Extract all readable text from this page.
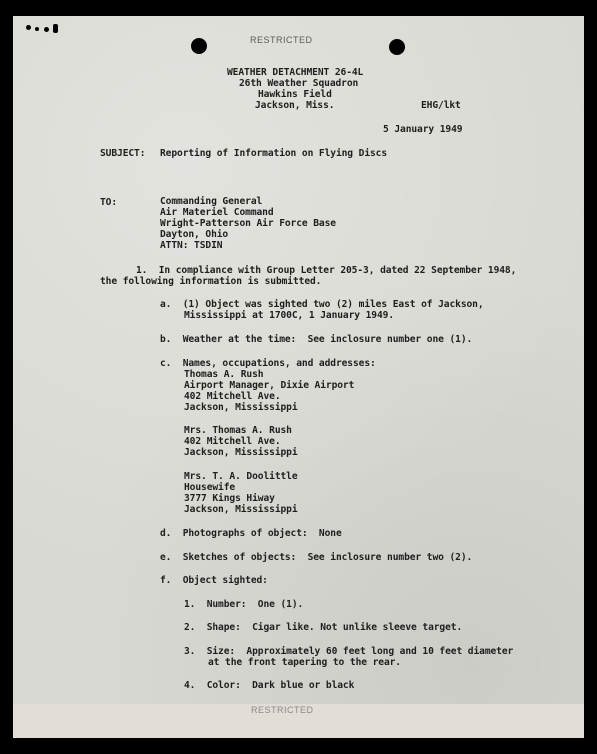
RESTRICTED
WEATHER DETACHMENT 26-4L
26th Weather Squadron
Hawkins Field
Jackson, Miss.	EHG/lkt
5 January 1949
SUBJECT: Reporting of Information on Flying Discs
TO:	Commanding General
Air Materiel Command
Wright-Patterson Air Force Base
Dayton, Ohio
ATTN: TSDIN
1.  In compliance with Group Letter 205-3, dated 22 September 1948,
the following information is submitted.
a.  (1) Object was sighted two (2) miles East of Jackson,
Mississippi at 1700C, 1 January 1949.
b.  Weather at the time:  See inclosure number one (1).
c.  Names, occupations, and addresses:
Thomas A. Rush
Airport Manager, Dixie Airport
402 Mitchell Ave.
Jackson, Mississippi
Mrs. Thomas A. Rush
402 Mitchell Ave.
Jackson, Mississippi
Mrs. T. A. Doolittle
Housewife
3777 Kings Hiway
Jackson, Mississippi
d.  Photographs of object:  None
e.  Sketches of objects:  See inclosure number two (2).
f.  Object sighted:
1.  Number:  One (1).
2.  Shape:  Cigar like. Not unlike sleeve target.
3.  Size:  Approximately 60 feet long and 10 feet diameter
at the front tapering to the rear.
4.  Color:  Dark blue or black
RESTRICTED
